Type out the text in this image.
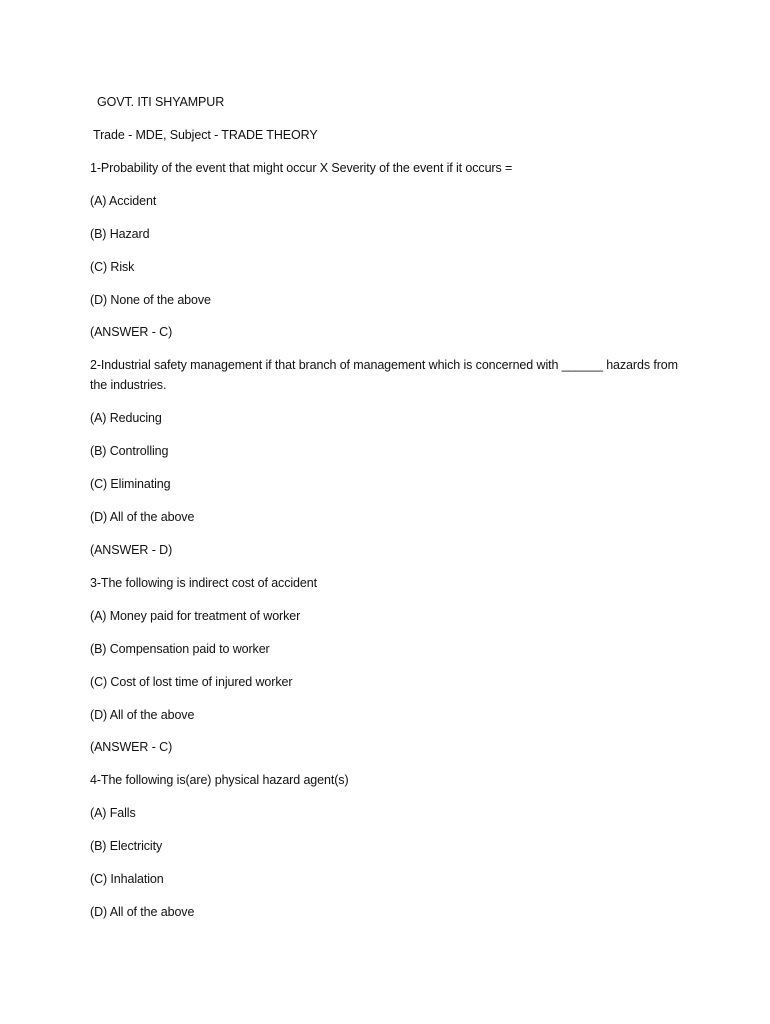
GOVT. ITI SHYAMPUR
Trade - MDE, Subject - TRADE THEORY
1-Probability of the event that might occur X Severity of the event if it occurs =
(A) Accident
(B) Hazard
(C) Risk
(D) None of the above
(ANSWER - C)
2-Industrial safety management if that branch of management which is concerned with ______ hazards from the industries.
(A) Reducing
(B) Controlling
(C) Eliminating
(D) All of the above
(ANSWER - D)
3-The following is indirect cost of accident
(A) Money paid for treatment of worker
(B) Compensation paid to worker
(C) Cost of lost time of injured worker
(D) All of the above
(ANSWER - C)
4-The following is(are) physical hazard agent(s)
(A) Falls
(B) Electricity
(C) Inhalation
(D) All of the above
